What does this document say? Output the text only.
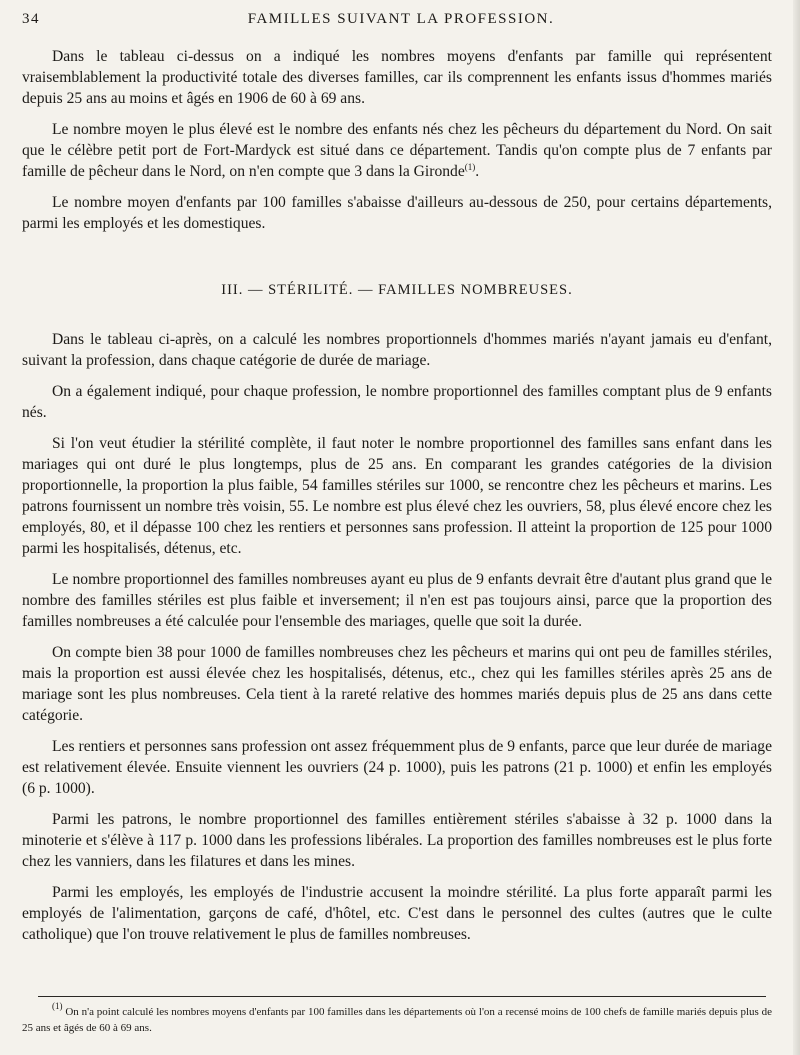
34	FAMILLES SUIVANT LA PROFESSION.

Dans le tableau ci-dessus on a indiqué les nombres moyens d'enfants par famille qui représentent vraisemblablement la productivité totale des diverses familles, car ils comprennent les enfants issus d'hommes mariés depuis 25 ans au moins et âgés en 1906 de 60 à 69 ans.

Le nombre moyen le plus élevé est le nombre des enfants nés chez les pêcheurs du département du Nord. On sait que le célèbre petit port de Fort-Mardyck est situé dans ce département. Tandis qu'on compte plus de 7 enfants par famille de pêcheur dans le Nord, on n'en compte que 3 dans la Gironde$^{(1)}$.

Le nombre moyen d'enfants par 100 familles s'abaisse d'ailleurs au-dessous de 250, pour certains départements, parmi les employés et les domestiques.

III. — STÉRILITÉ. — FAMILLES NOMBREUSES.

Dans le tableau ci-après, on a calculé les nombres proportionnels d'hommes mariés n'ayant jamais eu d'enfant, suivant la profession, dans chaque catégorie de durée de mariage.

On a également indiqué, pour chaque profession, le nombre proportionnel des familles comptant plus de 9 enfants nés.

Si l'on veut étudier la stérilité complète, il faut noter le nombre proportionnel des familles sans enfant dans les mariages qui ont duré le plus longtemps, plus de 25 ans. En comparant les grandes catégories de la division proportionnelle, la proportion la plus faible, 54 familles stériles sur 1000, se rencontre chez les pêcheurs et marins. Les patrons fournissent un nombre très voisin, 55. Le nombre est plus élevé chez les ouvriers, 58, plus élevé encore chez les employés, 80, et il dépasse 100 chez les rentiers et personnes sans profession. Il atteint la proportion de 125 pour 1000 parmi les hospitalisés, détenus, etc.

Le nombre proportionnel des familles nombreuses ayant eu plus de 9 enfants devrait être d'autant plus grand que le nombre des familles stériles est plus faible et inversement; il n'en est pas toujours ainsi, parce que la proportion des familles nombreuses a été calculée pour l'ensemble des mariages, quelle que soit la durée.

On compte bien 38 pour 1000 de familles nombreuses chez les pêcheurs et marins qui ont peu de familles stériles, mais la proportion est aussi élevée chez les hospitalisés, détenus, etc., chez qui les familles stériles après 25 ans de mariage sont les plus nombreuses. Cela tient à la rareté relative des hommes mariés depuis plus de 25 ans dans cette catégorie.

Les rentiers et personnes sans profession ont assez fréquemment plus de 9 enfants, parce que leur durée de mariage est relativement élevée. Ensuite viennent les ouvriers (24 p. 1000), puis les patrons (21 p. 1000) et enfin les employés (6 p. 1000).

Parmi les patrons, le nombre proportionnel des familles entièrement stériles s'abaisse à 32 p. 1000 dans la minoterie et s'élève à 117 p. 1000 dans les professions libérales. La proportion des familles nombreuses est le plus forte chez les vanniers, dans les filatures et dans les mines.

Parmi les employés, les employés de l'industrie accusent la moindre stérilité. La plus forte apparaît parmi les employés de l'alimentation, garçons de café, d'hôtel, etc. C'est dans le personnel des cultes (autres que le culte catholique) que l'on trouve relativement le plus de familles nombreuses.

$^{(1)}$ On n'a point calculé les nombres moyens d'enfants par 100 familles dans les départements où l'on a recensé moins de 100 chefs de famille mariés depuis plus de 25 ans et âgés de 60 à 69 ans.
